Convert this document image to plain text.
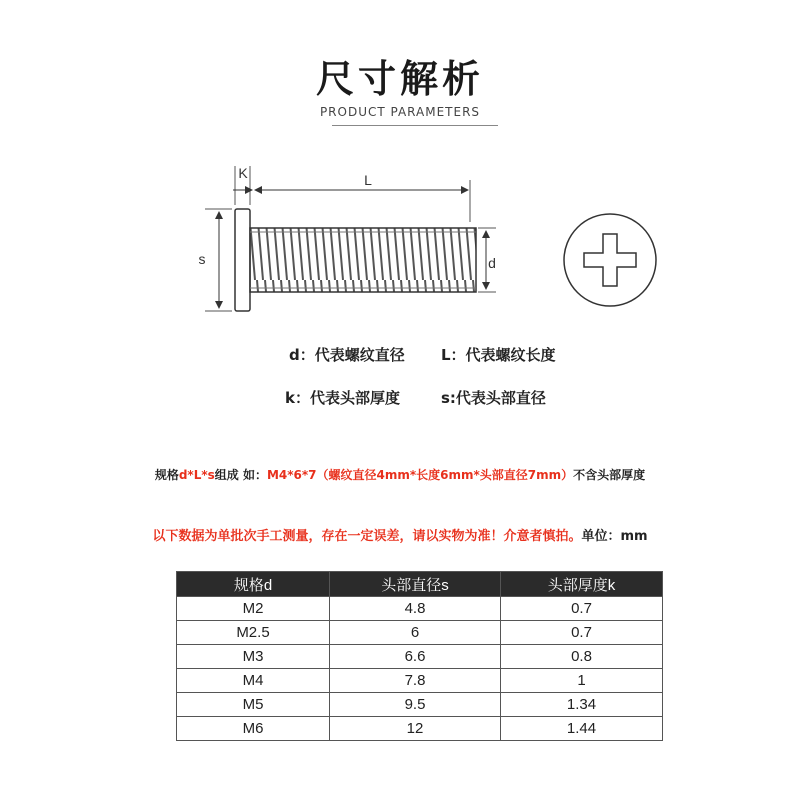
尺寸解析
PRODUCT PARAMETERS
K	L
s	d
d：代表螺纹直径 L：代表螺纹长度
k：代表头部厚度	s:代表头部直径
规格d*L*s组成 如：M4*6*7（螺纹直径4mm*长度6mm*头部直径7mm）不含头部厚度
以下数据为单批次手工测量，存在一定误差，请以实物为准！介意者慎拍。单位：mm
规格d	头部直径s	头部厚度k
M2	4.8	0.7
M2.5	6	0.7
M3	6.6	0.8
M4	7.8	1
M5	9.5	1.34
M6	12	1.44
